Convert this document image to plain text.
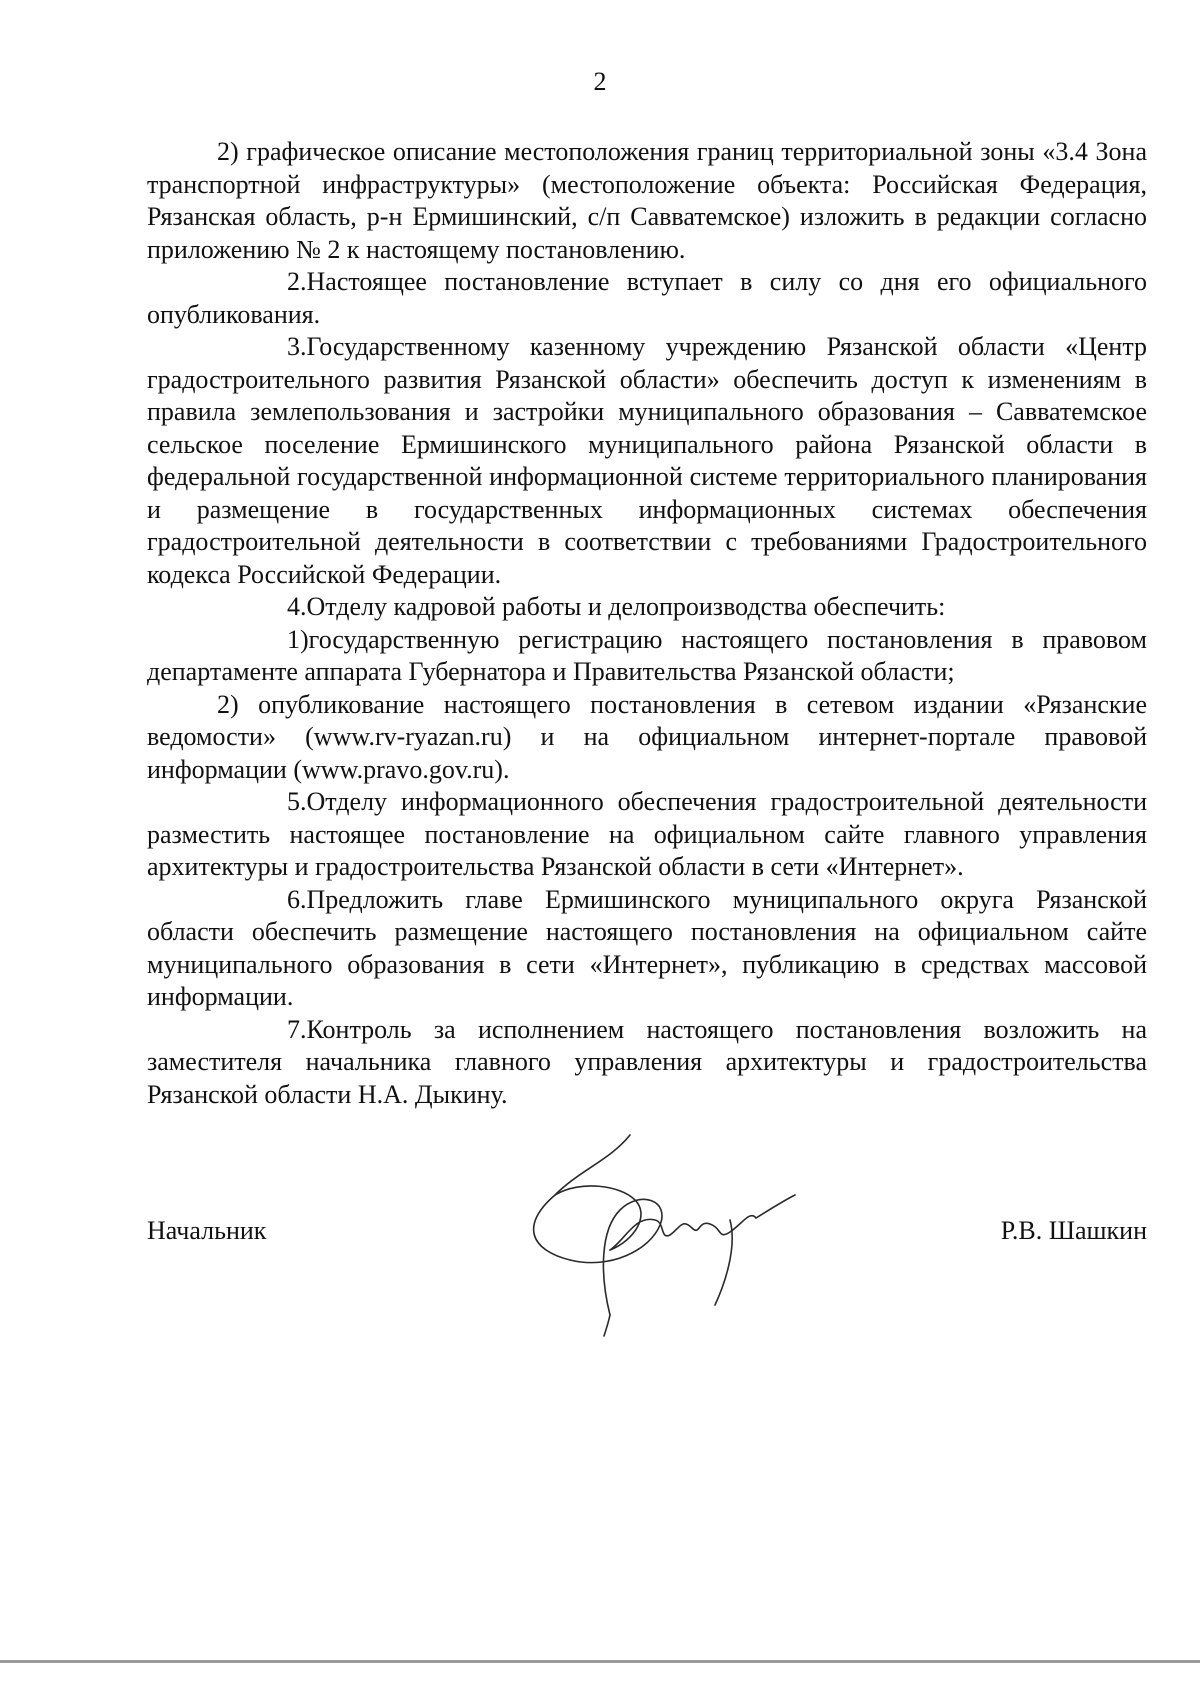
2

2) графическое описание местоположения границ территориальной зоны «3.4 Зона транспортной инфраструктуры» (местоположение объекта: Российская Федерация, Рязанская область, р-н Ермишинский, с/п Савватемское) изложить в редакции согласно приложению № 2 к настоящему постановлению.

2.Настоящее постановление вступает в силу со дня его официального опубликования.

3.Государственному казенному учреждению Рязанской области «Центр градостроительного развития Рязанской области» обеспечить доступ к изменениям в правила землепользования и застройки муниципального образования – Савватемское сельское поселение Ермишинского муниципального района Рязанской области в федеральной государственной информационной системе территориального планирования и размещение в государственных информационных системах обеспечения градостроительной деятельности в соответствии с требованиями Градостроительного кодекса Российской Федерации.

4.Отделу кадровой работы и делопроизводства обеспечить:

1)государственную регистрацию настоящего постановления в правовом департаменте аппарата Губернатора и Правительства Рязанской области;

2) опубликование настоящего постановления в сетевом издании «Рязанские ведомости» (www.rv-ryazan.ru) и на официальном интернет-портале правовой информации (www.pravo.gov.ru).

5.Отделу информационного обеспечения градостроительной деятельности разместить настоящее постановление на официальном сайте главного управления архитектуры и градостроительства Рязанской области в сети «Интернет».

6.Предложить главе Ермишинского муниципального округа Рязанской области обеспечить размещение настоящего постановления на официальном сайте муниципального образования в сети «Интернет», публикацию в средствах массовой информации.

7.Контроль за исполнением настоящего постановления возложить на заместителя начальника главного управления архитектуры и градостроительства Рязанской области Н.А. Дыкину.

Начальник	Р.В. Шашкин
